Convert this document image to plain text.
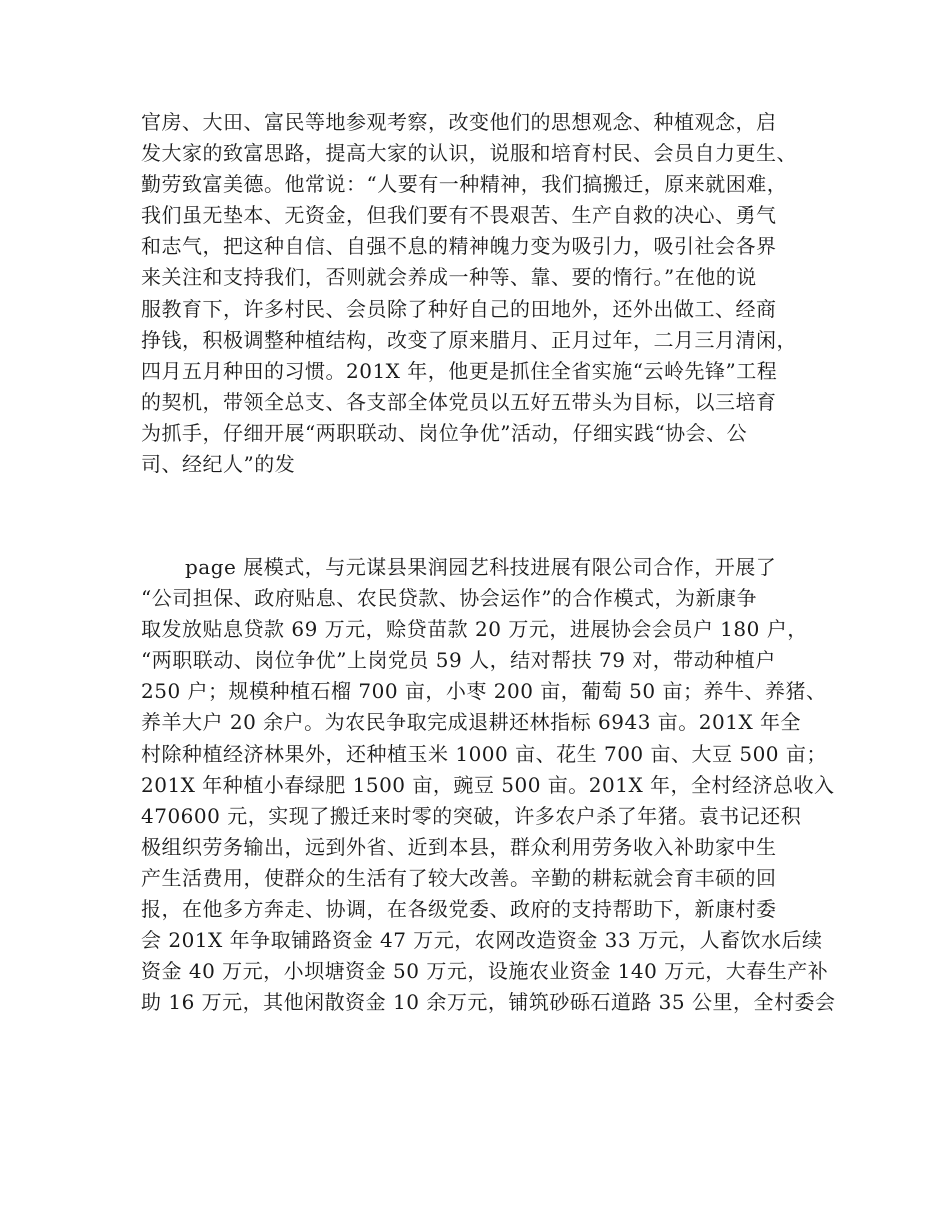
官房、大田、富民等地参观考察，改变他们的思想观念、种植观念，启
发大家的致富思路，提高大家的认识，说服和培育村民、会员自力更生、
勤劳致富美德。他常说：“人要有一种精神，我们搞搬迁，原来就困难，
我们虽无垫本、无资金，但我们要有不畏艰苦、生产自救的决心、勇气
和志气，把这种自信、自强不息的精神魄力变为吸引力，吸引社会各界
来关注和支持我们，否则就会养成一种等、靠、要的惰行。”在他的说
服教育下，许多村民、会员除了种好自己的田地外，还外出做工、经商
挣钱，积极调整种植结构，改变了原来腊月、正月过年，二月三月清闲，
四月五月种田的习惯。201X 年，他更是抓住全省实施“云岭先锋”工程
的契机，带领全总支、各支部全体党员以五好五带头为目标，以三培育
为抓手，仔细开展“两职联动、岗位争优”活动，仔细实践“协会、公
司、经纪人”的发
page 展模式，与元谋县果润园艺科技进展有限公司合作，开展了
“公司担保、政府贴息、农民贷款、协会运作”的合作模式，为新康争
取发放贴息贷款 69 万元，赊贷苗款 20 万元，进展协会会员户 180 户，
“两职联动、岗位争优”上岗党员 59 人，结对帮扶 79 对，带动种植户
250 户；规模种植石榴 700 亩，小枣 200 亩，葡萄 50 亩；养牛、养猪、
养羊大户 20 余户。为农民争取完成退耕还林指标 6943 亩。201X 年全
村除种植经济林果外，还种植玉米 1000 亩、花生 700 亩、大豆 500 亩；
201X 年种植小春绿肥 1500 亩，豌豆 500 亩。201X 年，全村经济总收入
470600 元，实现了搬迁来时零的突破，许多农户杀了年猪。袁书记还积
极组织劳务输出，远到外省、近到本县，群众利用劳务收入补助家中生
产生活费用，使群众的生活有了较大改善。辛勤的耕耘就会育丰硕的回
报，在他多方奔走、协调，在各级党委、政府的支持帮助下，新康村委
会 201X 年争取铺路资金 47 万元，农网改造资金 33 万元，人畜饮水后续
资金 40 万元，小坝塘资金 50 万元，设施农业资金 140 万元，大春生产补
助 16 万元，其他闲散资金 10 余万元，铺筑砂砾石道路 35 公里，全村委会
